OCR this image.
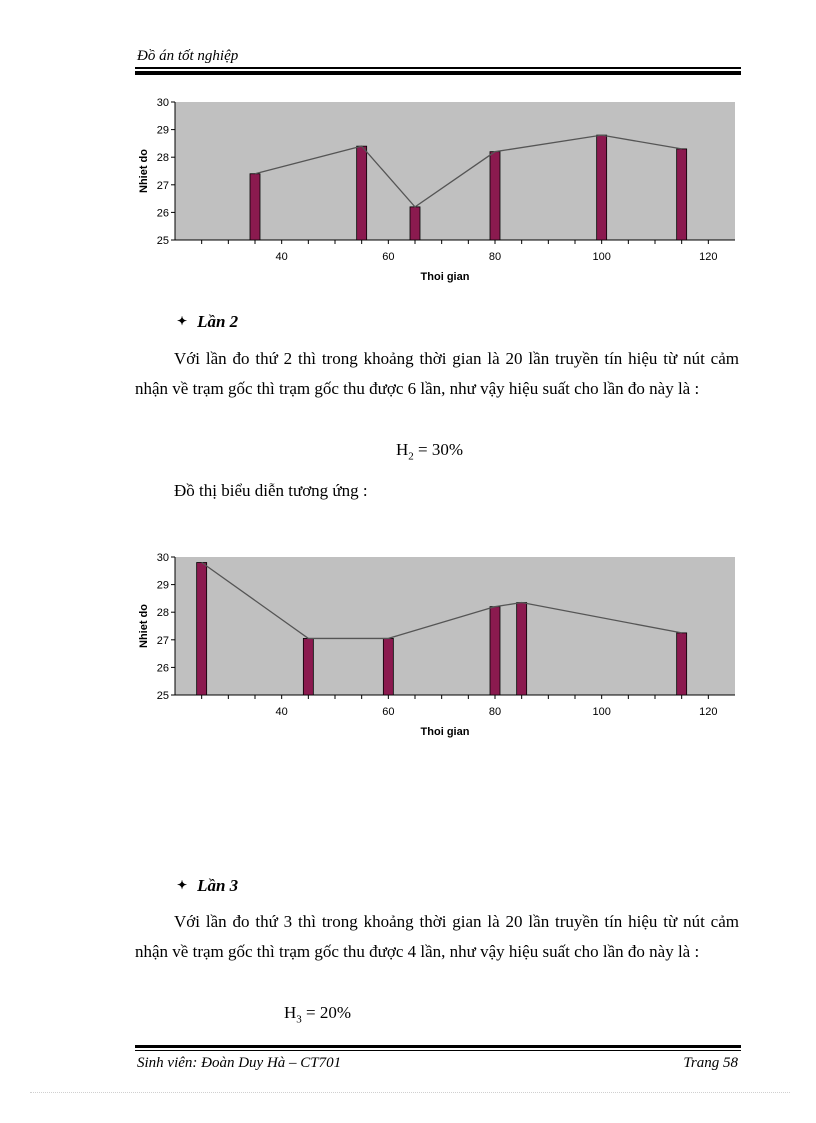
Đồ án tốt nghiệp
25
26
27
28
29
30
40	60	80	100	120
Thoi gian
Nhiet do
✦ Lần 2
Với lần đo thứ 2 thì trong khoảng thời gian là 20 lần truyền tín hiệu từ nút cảm nhận về trạm gốc thì trạm gốc thu được 6 lần, như vậy hiệu suất cho lần đo này là :
$H_2 = 30\%$
Đồ thị biểu diễn tương ứng :
25
26
27
28
29
30
40	60	80	100	120
Thoi gian
Nhiet do
✦ Lần 3
Với lần đo thứ 3 thì trong khoảng thời gian là 20 lần truyền tín hiệu từ nút cảm nhận về trạm gốc thì trạm gốc thu được 4 lần, như vậy hiệu suất cho lần đo này là :
$H_3 = 20\%$
Sinh viên: Đoàn Duy Hà – CT701	Trang 58
